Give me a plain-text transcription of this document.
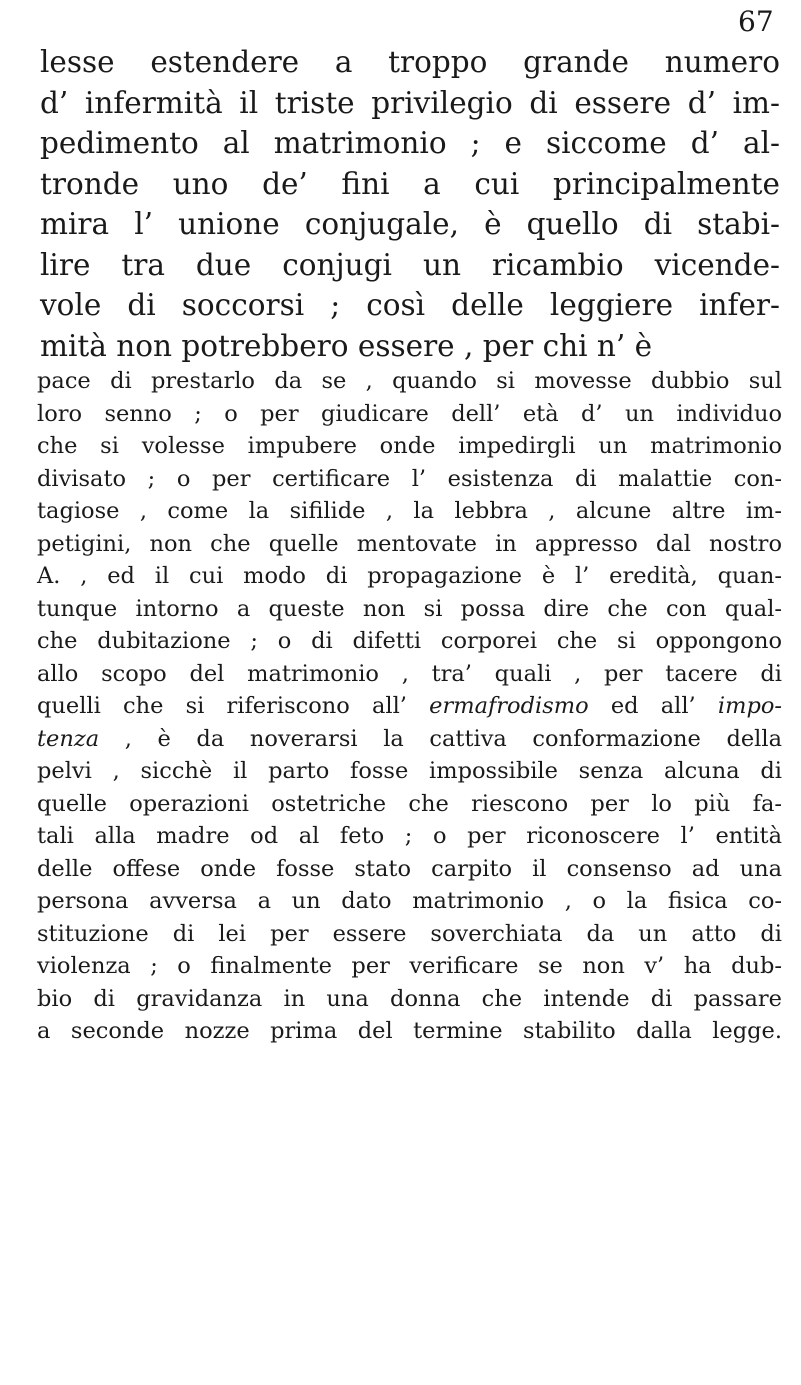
67
lesse estendere a troppo grande numero
d’ infermità il triste privilegio di essere d’ im-
pedimento al matrimonio ; e siccome d’ al-
tronde uno de’ fini a cui principalmente
mira l’ unione conjugale, è quello di stabi-
lire tra due conjugi un ricambio vicende-
vole di soccorsi ; così delle leggiere infer-
mità non potrebbero essere , per chi n’ è
pace di prestarlo da se , quando si movesse dubbio sul
loro senno ; o per giudicare dell’ età d’ un individuo
che si volesse impubere onde impedirgli un matrimonio
divisato ; o per certificare l’ esistenza di malattie con-
tagiose , come la sifilide , la lebbra , alcune altre im-
petigini, non che quelle mentovate in appresso dal nostro
A. , ed il cui modo di propagazione è l’ eredità, quan-
tunque intorno a queste non si possa dire che con qual-
che dubitazione ; o di difetti corporei che si oppongono
allo scopo del matrimonio , tra’ quali , per tacere di
quelli che si riferiscono all’ ermafrodismo ed all’ impo-
tenza , è da noverarsi la cattiva conformazione della
pelvi , sicchè il parto fosse impossibile senza alcuna di
quelle operazioni ostetriche che riescono per lo più fa-
tali alla madre od al feto ; o per riconoscere l’ entità
delle offese onde fosse stato carpito il consenso ad una
persona avversa a un dato matrimonio , o la fisica co-
stituzione di lei per essere soverchiata da un atto di
violenza ; o finalmente per verificare se non v’ ha dub-
bio di gravidanza in una donna che intende di passare
a seconde nozze prima del termine stabilito dalla legge.
